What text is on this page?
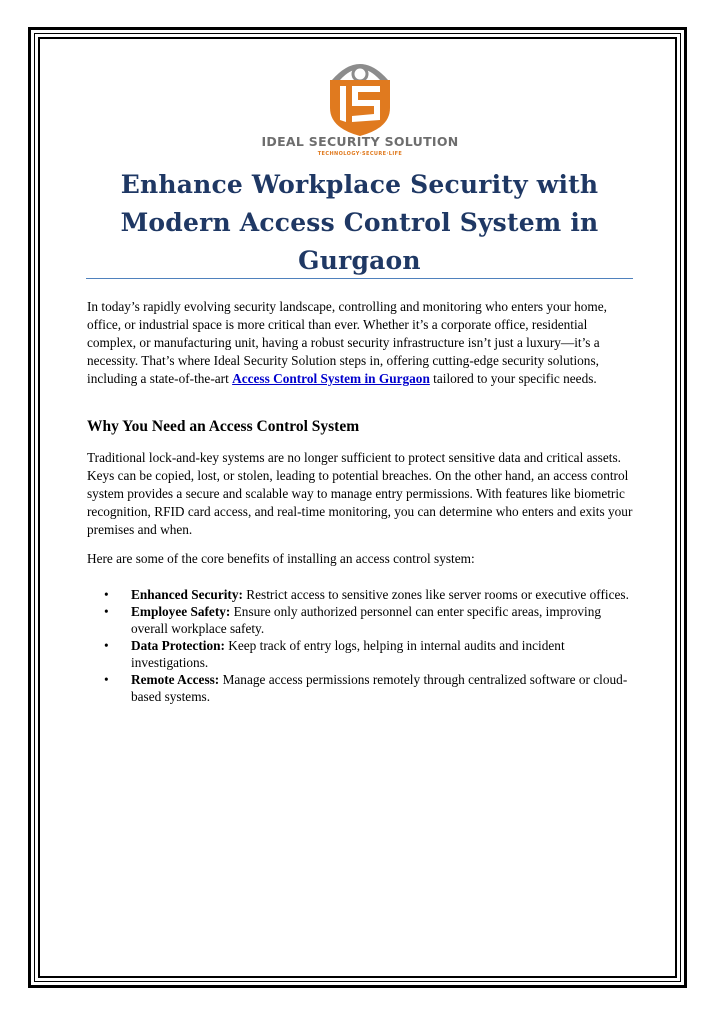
IDEAL SECURITY SOLUTION
TECHNOLOGY·SECURE·LIFE
Enhance Workplace Security with Modern Access Control System in Gurgaon

In today’s rapidly evolving security landscape, controlling and monitoring who enters your home, office, or industrial space is more critical than ever. Whether it’s a corporate office, residential complex, or manufacturing unit, having a robust security infrastructure isn’t just a luxury—it’s a necessity. That’s where Ideal Security Solution steps in, offering cutting-edge security solutions, including a state-of-the-art Access Control System in Gurgaon tailored to your specific needs.

Why You Need an Access Control System

Traditional lock-and-key systems are no longer sufficient to protect sensitive data and critical assets. Keys can be copied, lost, or stolen, leading to potential breaches. On the other hand, an access control system provides a secure and scalable way to manage entry permissions. With features like biometric recognition, RFID card access, and real-time monitoring, you can determine who enters and exits your premises and when.

Here are some of the core benefits of installing an access control system:

• Enhanced Security: Restrict access to sensitive zones like server rooms or executive offices.
• Employee Safety: Ensure only authorized personnel can enter specific areas, improving overall workplace safety.
• Data Protection: Keep track of entry logs, helping in internal audits and incident investigations.
• Remote Access: Manage access permissions remotely through centralized software or cloud-based systems.
